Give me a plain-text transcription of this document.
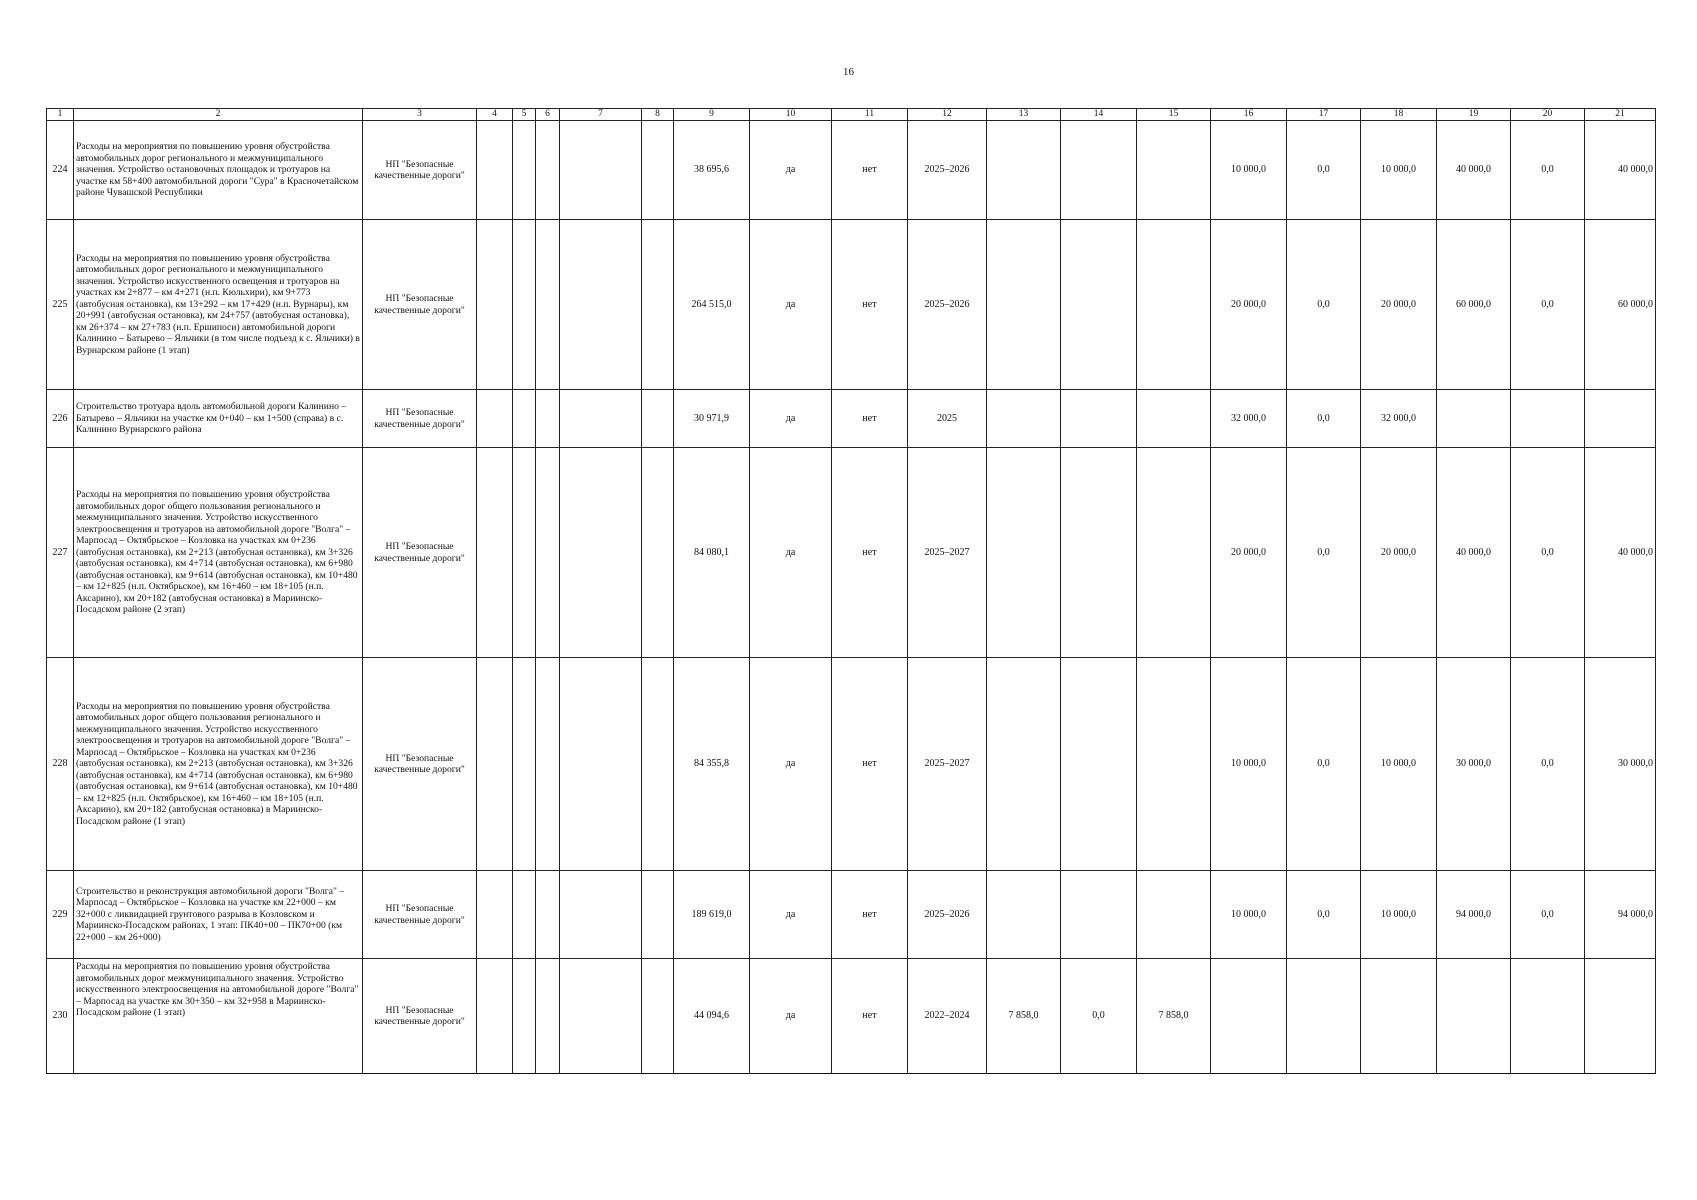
16
1	2	3	4	5	6	7	8	9	10	11	12	13	14	15	16	17	18	19	20	21
224	Расходы на мероприятия по повышению уровня обустройства автомобильных дорог регионального и межмуниципального значения. Устройство остановочных площадок и тротуаров на участке км 58+400 автомобильной дороги "Сура" в Красночетайском районе Чувашской Республики	НП "Безопасные качественные дороги"						38 695,6	да	нет	2025–2026				10 000,0	0,0	10 000,0	40 000,0	0,0	40 000,0
225	Расходы на мероприятия по повышению уровня обустройства автомобильных дорог регионального и межмуниципального значения. Устройство искусственного освещения и тротуаров на участках км 2+877 – км 4+271 (н.п. Кюльхири), км 9+773 (автобусная остановка), км 13+292 – км 17+429 (н.п. Вурнары), км 20+991 (автобусная остановка), км 24+757 (автобусная остановка), км 26+374 – км 27+783 (н.п. Ершипоси) автомобильной дороги Калинино – Батырево – Яльчики (в том числе подъезд к с. Яльчики) в Вурнарском районе (1 этап)	НП "Безопасные качественные дороги"						264 515,0	да	нет	2025–2026				20 000,0	0,0	20 000,0	60 000,0	0,0	60 000,0
226	Строительство тротуара вдоль автомобильной дороги Калинино – Батырево – Яльчики на участке км 0+040 – км 1+500 (справа) в с. Калинино Вурнарского района	НП "Безопасные качественные дороги"						30 971,9	да	нет	2025				32 000,0	0,0	32 000,0			
227	Расходы на мероприятия по повышению уровня обустройства автомобильных дорог общего пользования регионального и межмуниципального значения. Устройство искусственного электроосвещения и тротуаров на автомобильной дороге "Волга" – Марпосад – Октябрьское – Козловка на участках км 0+236 (автобусная остановка), км 2+213 (автобусная остановка), км 3+326 (автобусная остановка), км 4+714 (автобусная остановка), км 6+980 (автобусная остановка), км 9+614 (автобусная остановка), км 10+480 – км 12+825 (н.п. Октябрьское), км 16+460 – км 18+105 (н.п. Аксарино), км 20+182 (автобусная остановка) в Мариинско-Посадском районе (2 этап)	НП "Безопасные качественные дороги"						84 080,1	да	нет	2025–2027				20 000,0	0,0	20 000,0	40 000,0	0,0	40 000,0
228	Расходы на мероприятия по повышению уровня обустройства автомобильных дорог общего пользования регионального и межмуниципального значения. Устройство искусственного электроосвещения и тротуаров на автомобильной дороге "Волга" – Марпосад – Октябрьское – Козловка на участках км 0+236 (автобусная остановка), км 2+213 (автобусная остановка), км 3+326 (автобусная остановка), км 4+714 (автобусная остановка), км 6+980 (автобусная остановка), км 9+614 (автобусная остановка), км 10+480 – км 12+825 (н.п. Октябрьское), км 16+460 – км 18+105 (н.п. Аксарино), км 20+182 (автобусная остановка) в Мариинско-Посадском районе (1 этап)	НП "Безопасные качественные дороги"						84 355,8	да	нет	2025–2027				10 000,0	0,0	10 000,0	30 000,0	0,0	30 000,0
229	Строительство и реконструкция автомобильной дороги "Волга" – Марпосад – Октябрьское – Козловка на участке км 22+000 – км 32+000 с ликвидацией грунтового разрыва в Козловском и Мариинско-Посадском районах, 1 этап: ПК40+00 – ПК70+00 (км 22+000 – км 26+000)	НП "Безопасные качественные дороги"						189 619,0	да	нет	2025–2026				10 000,0	0,0	10 000,0	94 000,0	0,0	94 000,0
230	Расходы на мероприятия по повышению уровня обустройства автомобильных дорог межмуниципального значения. Устройство искусственного электроосвещения на автомобильной дороге "Волга" – Марпосад на участке км 30+350 – км 32+958 в Мариинско-Посадском районе (1 этап)	НП "Безопасные качественные дороги"						44 094,6	да	нет	2022–2024	7 858,0	0,0	7 858,0						
